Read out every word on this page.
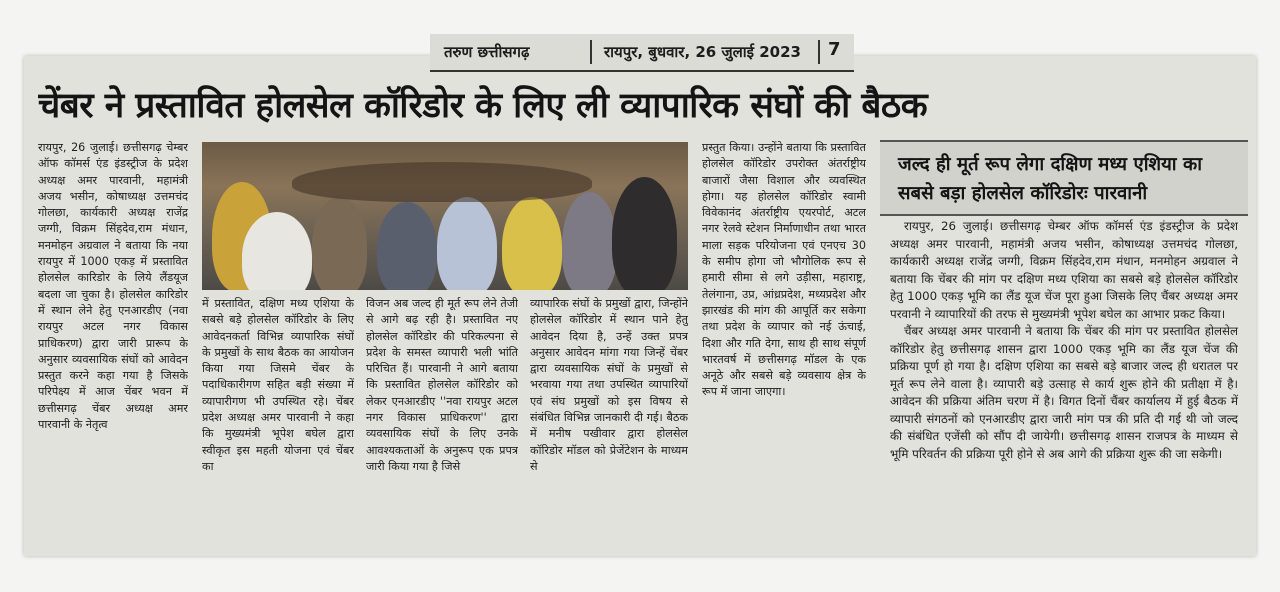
तरुण छत्तीसगढ़	रायपुर, बुधवार, 26 जुलाई 2023 7
चेंबर ने प्रस्तावित होलसेल कॉरिडोर के लिए ली व्यापारिक संघों की बैठक

रायपुर, 26 जुलाई। छत्तीसगढ़ चेम्बर ऑफ कॉमर्स एंड इंडस्ट्रीज के प्रदेश अध्यक्ष अमर पारवानी, महामंत्री अजय भसीन, कोषाध्यक्ष उत्तमचंद गोलछा, कार्यकारी अध्यक्ष राजेंद्र जग्गी, विक्रम सिंहदेव,राम मंधान, मनमोहन अग्रवाल ने बताया कि नया रायपुर में 1000 एकड़ में प्रस्तावित होलसेल कारिडोर के लिये लैंडयूज बदला जा चुका है। होलसेल कारिडोर में स्थान लेने हेतु एनआरडीए (नवा रायपुर अटल नगर विकास प्राधिकरण) द्वारा जारी प्रारूप के अनुसार व्यवसायिक संघों को आवेदन प्रस्तुत करने कहा गया है जिसके परिपेक्ष्य में आज चेंबर भवन में छत्तीसगढ़ चेंबर अध्यक्ष अमर पारवानी के नेतृत्व

में प्रस्तावित, दक्षिण मध्य एशिया के सबसे बड़े होलसेल कॉरिडोर के लिए आवेदनकर्ता विभिन्न व्यापारिक संघों के प्रमुखों के साथ बैठक का आयोजन किया गया जिसमे चेंबर के पदाधिकारीगण सहित बड़ी संख्या में व्यापारीगण भी उपस्थित रहे। चेंबर प्रदेश अध्यक्ष अमर पारवानी ने कहा कि मुख्यमंत्री भूपेश बघेल द्वारा स्वीकृत इस महती योजना एवं चेंबर का

विजन अब जल्द ही मूर्त रूप लेने तेजी से आगे बढ़ रही है। प्रस्तावित नए होलसेल कॉरिडोर की परिकल्पना से प्रदेश के समस्त व्यापारी भली भांति परिचित हैं। पारवानी ने आगे बताया कि प्रस्तावित होलसेल कॉरिडोर को लेकर एनआरडीए ''नवा रायपुर अटल नगर विकास प्राधिकरण'' द्वारा व्यवसायिक संघों के लिए उनके आवश्यकताओं के अनुरूप एक प्रपत्र जारी किया गया है जिसे

व्यापारिक संघों के प्रमुखों द्वारा, जिन्होंने होलसेल कॉरिडोर में स्थान पाने हेतु आवेदन दिया है, उन्हें उक्त प्रपत्र अनुसार आवेदन मांगा गया जिन्हें चेंबर द्वारा व्यवसायिक संघों के प्रमुखों से भरवाया गया तथा उपस्थित व्यापारियों एवं संघ प्रमुखों को इस विषय से संबंधित विभिन्न जानकारी दी गई। बैठक में मनीष पखीवार द्वारा होलसेल कॉरिडोर मॉडल को प्रेजेंटेशन के माध्यम से

प्रस्तुत किया। उन्होंने बताया कि प्रस्तावित होलसेल कॉरिडोर उपरोक्त अंतर्राष्ट्रीय बाजारों जैसा विशाल और व्यवस्थित होगा। यह होलसेल कॉरिडोर स्वामी विवेकानंद अंतर्राष्ट्रीय एयरपोर्ट, अटल नगर रेलवे स्टेशन निर्माणाधीन तथा भारत माला सड़क परियोजना एवं एनएच 30 के समीप होगा जो भौगोलिक रूप से हमारी सीमा से लगे उड़ीसा, महाराष्ट्र, तेलंगाना, उप्र, आंध्रप्रदेश, मध्यप्रदेश और झारखंड की मांग की आपूर्ति कर सकेगा तथा प्रदेश के व्यापार को नई ऊंचाई, दिशा और गति देगा, साथ ही साथ संपूर्ण भारतवर्ष में छत्तीसगढ़ मॉडल के एक अनूठे और सबसे बड़े व्यवसाय क्षेत्र के रूप में जाना जाएगा।

जल्द ही मूर्त रूप लेगा दक्षिण मध्य एशिया का सबसे बड़ा होलसेल कॉरिडोरः पारवानी

रायपुर, 26 जुलाई। छत्तीसगढ़ चेम्बर ऑफ कॉमर्स एंड इंडस्ट्रीज के प्रदेश अध्यक्ष अमर पारवानी, महामंत्री अजय भसीन, कोषाध्यक्ष उत्तमचंद गोलछा, कार्यकारी अध्यक्ष राजेंद्र जग्गी, विक्रम सिंहदेव,राम मंधान, मनमोहन अग्रवाल ने बताया कि चेंबर की मांग पर दक्षिण मध्य एशिया का सबसे बड़े होलसेल कॉरिडोर हेतु 1000 एकड़ भूमि का लैंड यूज चेंज पूरा हुआ जिसके लिए चैंबर अध्यक्ष अमर परवानी ने व्यापारियों की तरफ से मुख्यमंत्री भूपेश बघेल का आभार प्रकट किया।

चैंबर अध्यक्ष अमर पारवानी ने बताया कि चेंबर की मांग पर प्रस्तावित होलसेल कॉरिडोर हेतु छत्तीसगढ़ शासन द्वारा 1000 एकड़ भूमि का लैंड यूज चेंज की प्रक्रिया पूर्ण हो गया है। दक्षिण एशिया का सबसे बड़े बाजार जल्द ही धरातल पर मूर्त रूप लेने वाला है। व्यापारी बड़े उत्साह से कार्य शुरू होने की प्रतीक्षा में है। आवेदन की प्रक्रिया अंतिम चरण में है। विगत दिनों चैंबर कार्यालय में हुई बैठक में व्यापारी संगठनों को एनआरडीए द्वारा जारी मांग पत्र की प्रति दी गई थी जो जल्द की संबंधित एजेंसी को सौंप दी जायेगी। छत्तीसगढ़ शासन राजपत्र के माध्यम से भूमि परिवर्तन की प्रक्रिया पूरी होने से अब आगे की प्रक्रिया शुरू की जा सकेगी।
